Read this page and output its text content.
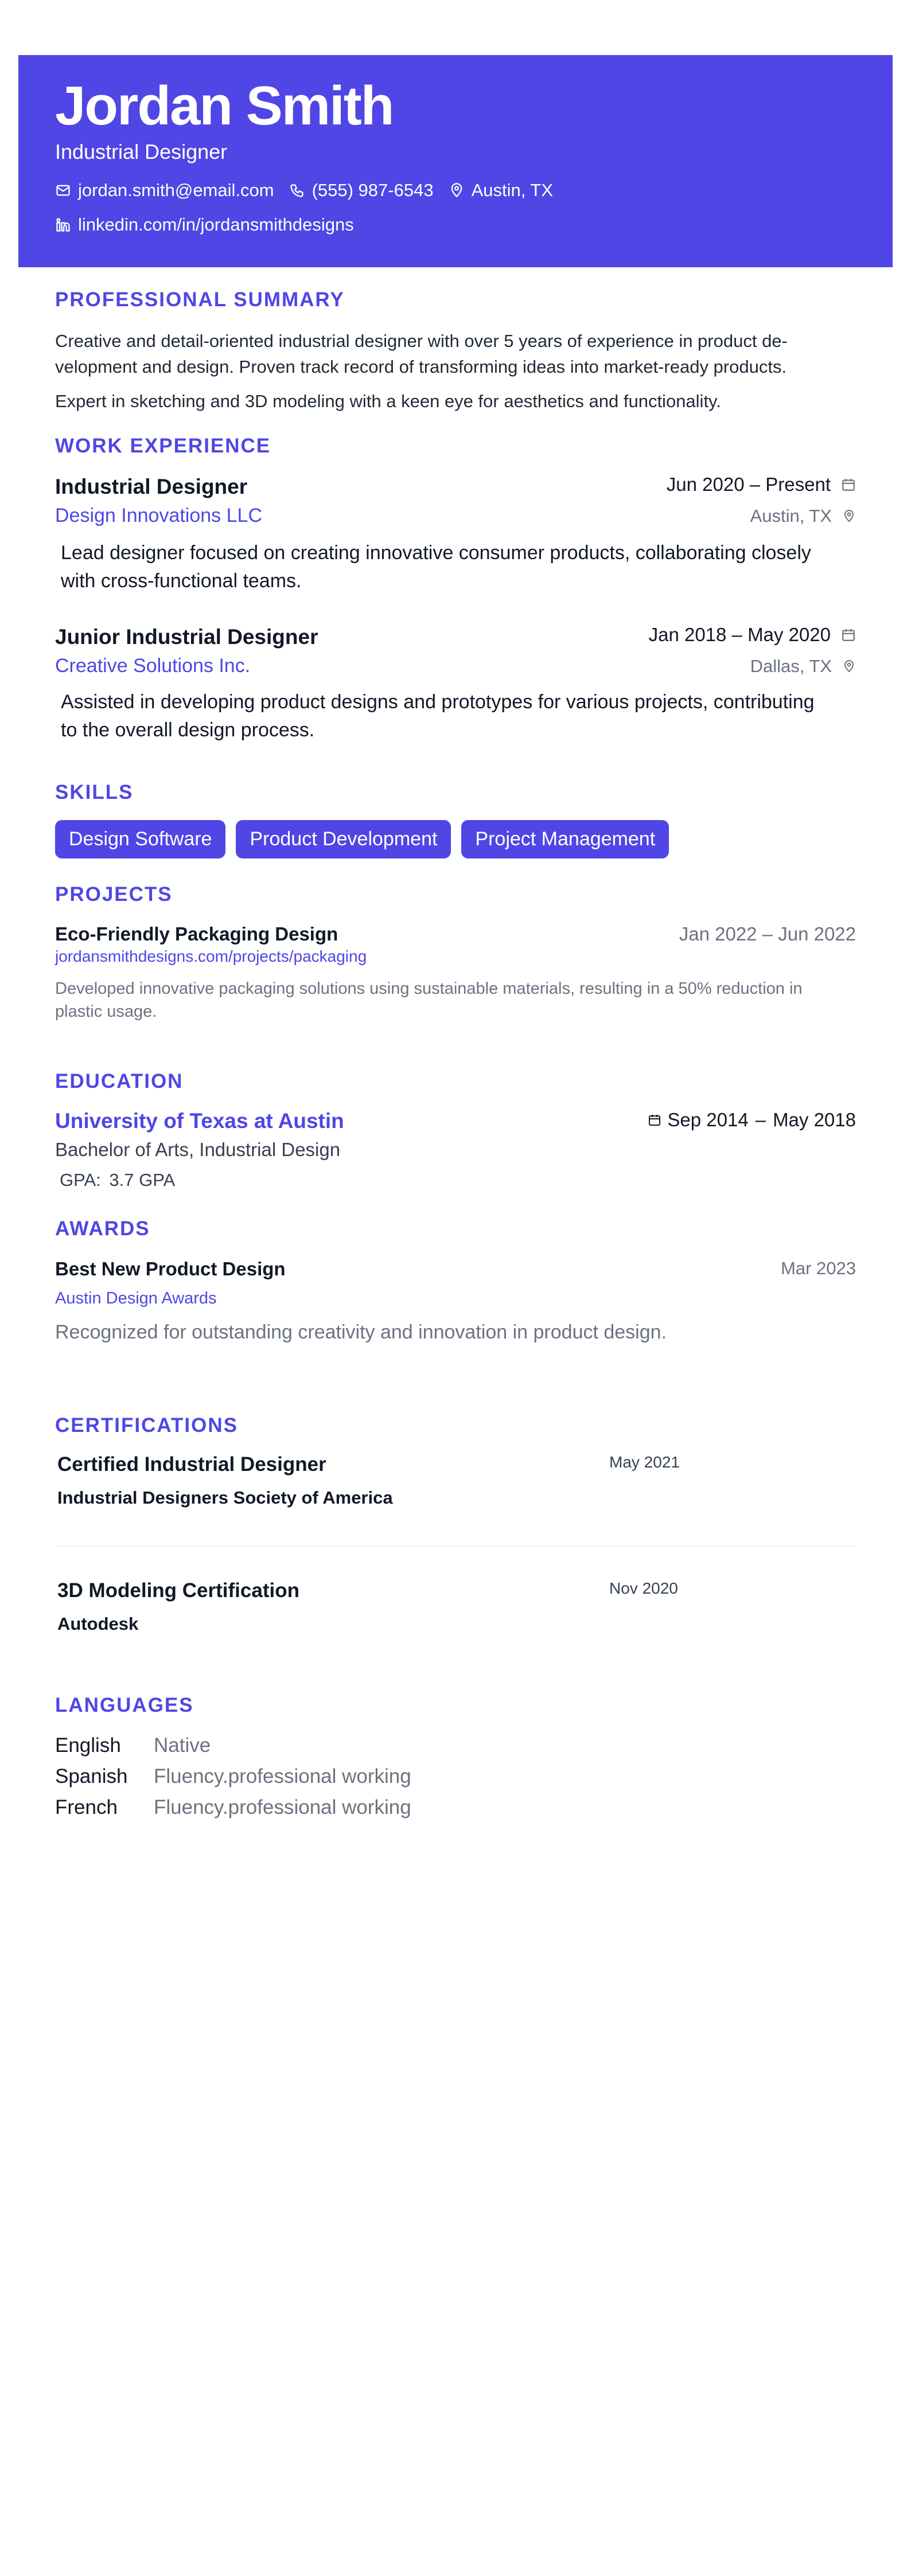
Jordan Smith
Industrial Designer
jordan.smith@email.com (555) 987-6543 Austin, TX
linkedin.com/in/jordansmithdesigns
PROFESSIONAL SUMMARY

Creative and detail-oriented industrial designer with over 5 years of experience in product de-

velopment and design. Proven track record of transforming ideas into market-ready products.

Expert in sketching and 3D modeling with a keen eye for aesthetics and functionality.

WORK EXPERIENCE
Industrial Designer	Jun 2020 – Present
Design Innovations LLC	Austin, TX

Lead designer focused on creating innovative consumer products, collaborating closely

with cross-functional teams.

Junior Industrial Designer	Jan 2018 – May 2020
Creative Solutions Inc.	Dallas, TX

Assisted in developing product designs and prototypes for various projects, contributing

to the overall design process.

SKILLS
Design Software	Product Development	Project Management
PROJECTS
Eco-Friendly Packaging Design	Jan 2022 – Jun 2022
jordansmithdesigns.com/projects/packaging
Developed innovative packaging solutions using sustainable materials, resulting in a 50% reduction in
plastic usage.
EDUCATION
University of Texas at Austin	Sep 2014 – May 2018
Bachelor of Arts, Industrial Design
GPA: 3.7 GPA
AWARDS
Best New Product Design	Mar 2023
Austin Design Awards
Recognized for outstanding creativity and innovation in product design.
CERTIFICATIONS
Certified Industrial Designer	May 2021
Industrial Designers Society of America
3D Modeling Certification	Nov 2020
Autodesk
LANGUAGES
English	Native
Spanish	Fluency.professional working
French	Fluency.professional working
